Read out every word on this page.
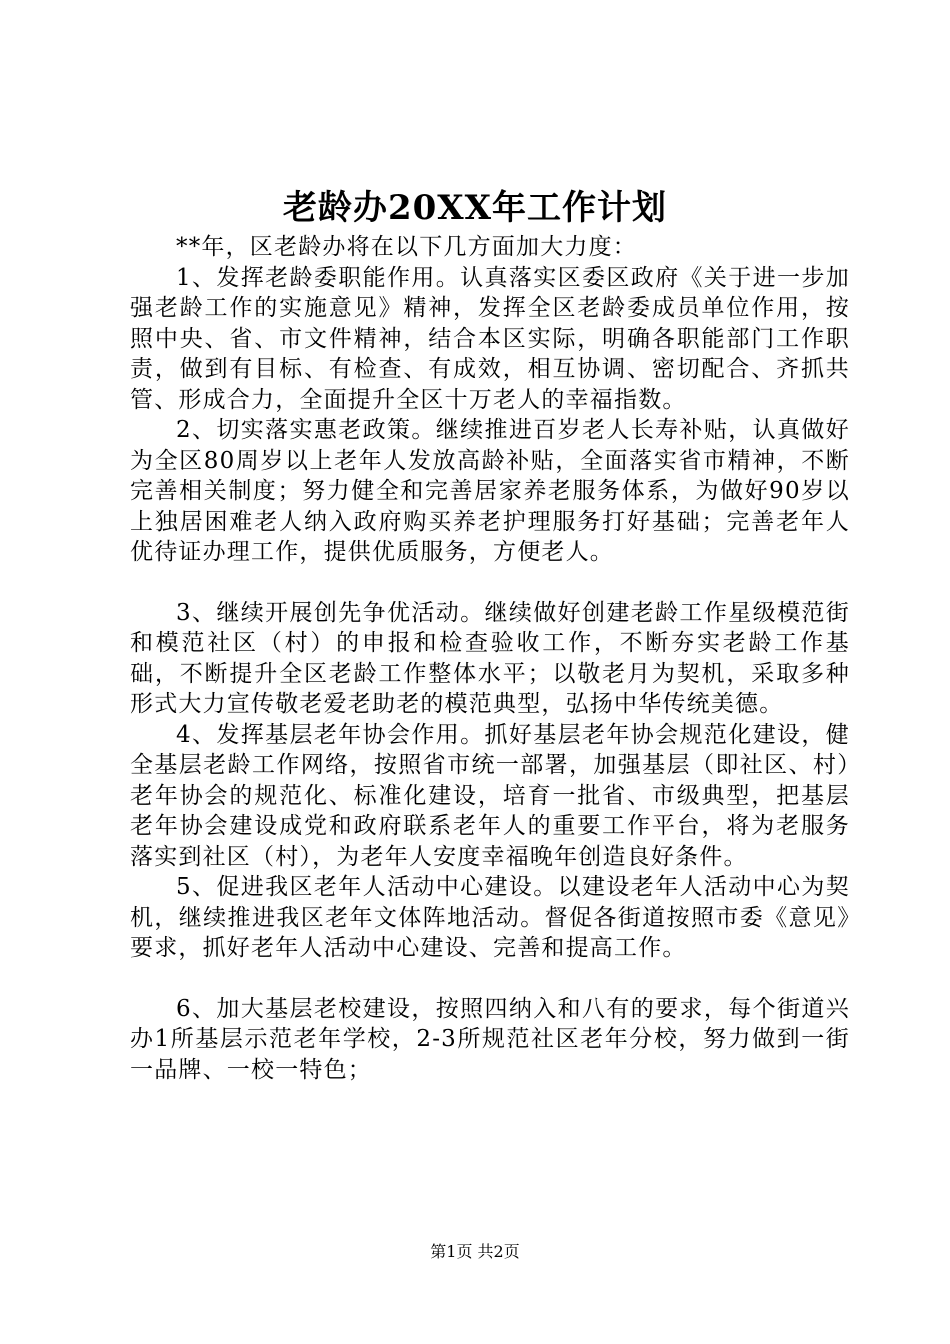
老龄办20XX年工作计划

**年，区老龄办将在以下几方面加大力度：

1、发挥老龄委职能作用。认真落实区委区政府《关于进一步加强老龄工作的实施意见》精神，发挥全区老龄委成员单位作用，按照中央、省、市文件精神，结合本区实际，明确各职能部门工作职责，做到有目标、有检查、有成效，相互协调、密切配合、齐抓共管、形成合力，全面提升全区十万老人的幸福指数。

2、切实落实惠老政策。继续推进百岁老人长寿补贴，认真做好为全区80周岁以上老年人发放高龄补贴，全面落实省市精神，不断完善相关制度；努力健全和完善居家养老服务体系，为做好90岁以上独居困难老人纳入政府购买养老护理服务打好基础；完善老年人优待证办理工作，提供优质服务，方便老人。

3、继续开展创先争优活动。继续做好创建老龄工作星级模范街和模范社区（村）的申报和检查验收工作，不断夯实老龄工作基础，不断提升全区老龄工作整体水平；以敬老月为契机，采取多种形式大力宣传敬老爱老助老的模范典型，弘扬中华传统美德。

4、发挥基层老年协会作用。抓好基层老年协会规范化建设，健全基层老龄工作网络，按照省市统一部署，加强基层（即社区、村）老年协会的规范化、标准化建设，培育一批省、市级典型，把基层老年协会建设成党和政府联系老年人的重要工作平台，将为老服务落实到社区（村），为老年人安度幸福晚年创造良好条件。

5、促进我区老年人活动中心建设。以建设老年人活动中心为契机，继续推进我区老年文体阵地活动。督促各街道按照市委《意见》要求，抓好老年人活动中心建设、完善和提高工作。

6、加大基层老校建设，按照四纳入和八有的要求，每个街道兴办1所基层示范老年学校，2-3所规范社区老年分校，努力做到一街一品牌、一校一特色；

第1页 共2页
